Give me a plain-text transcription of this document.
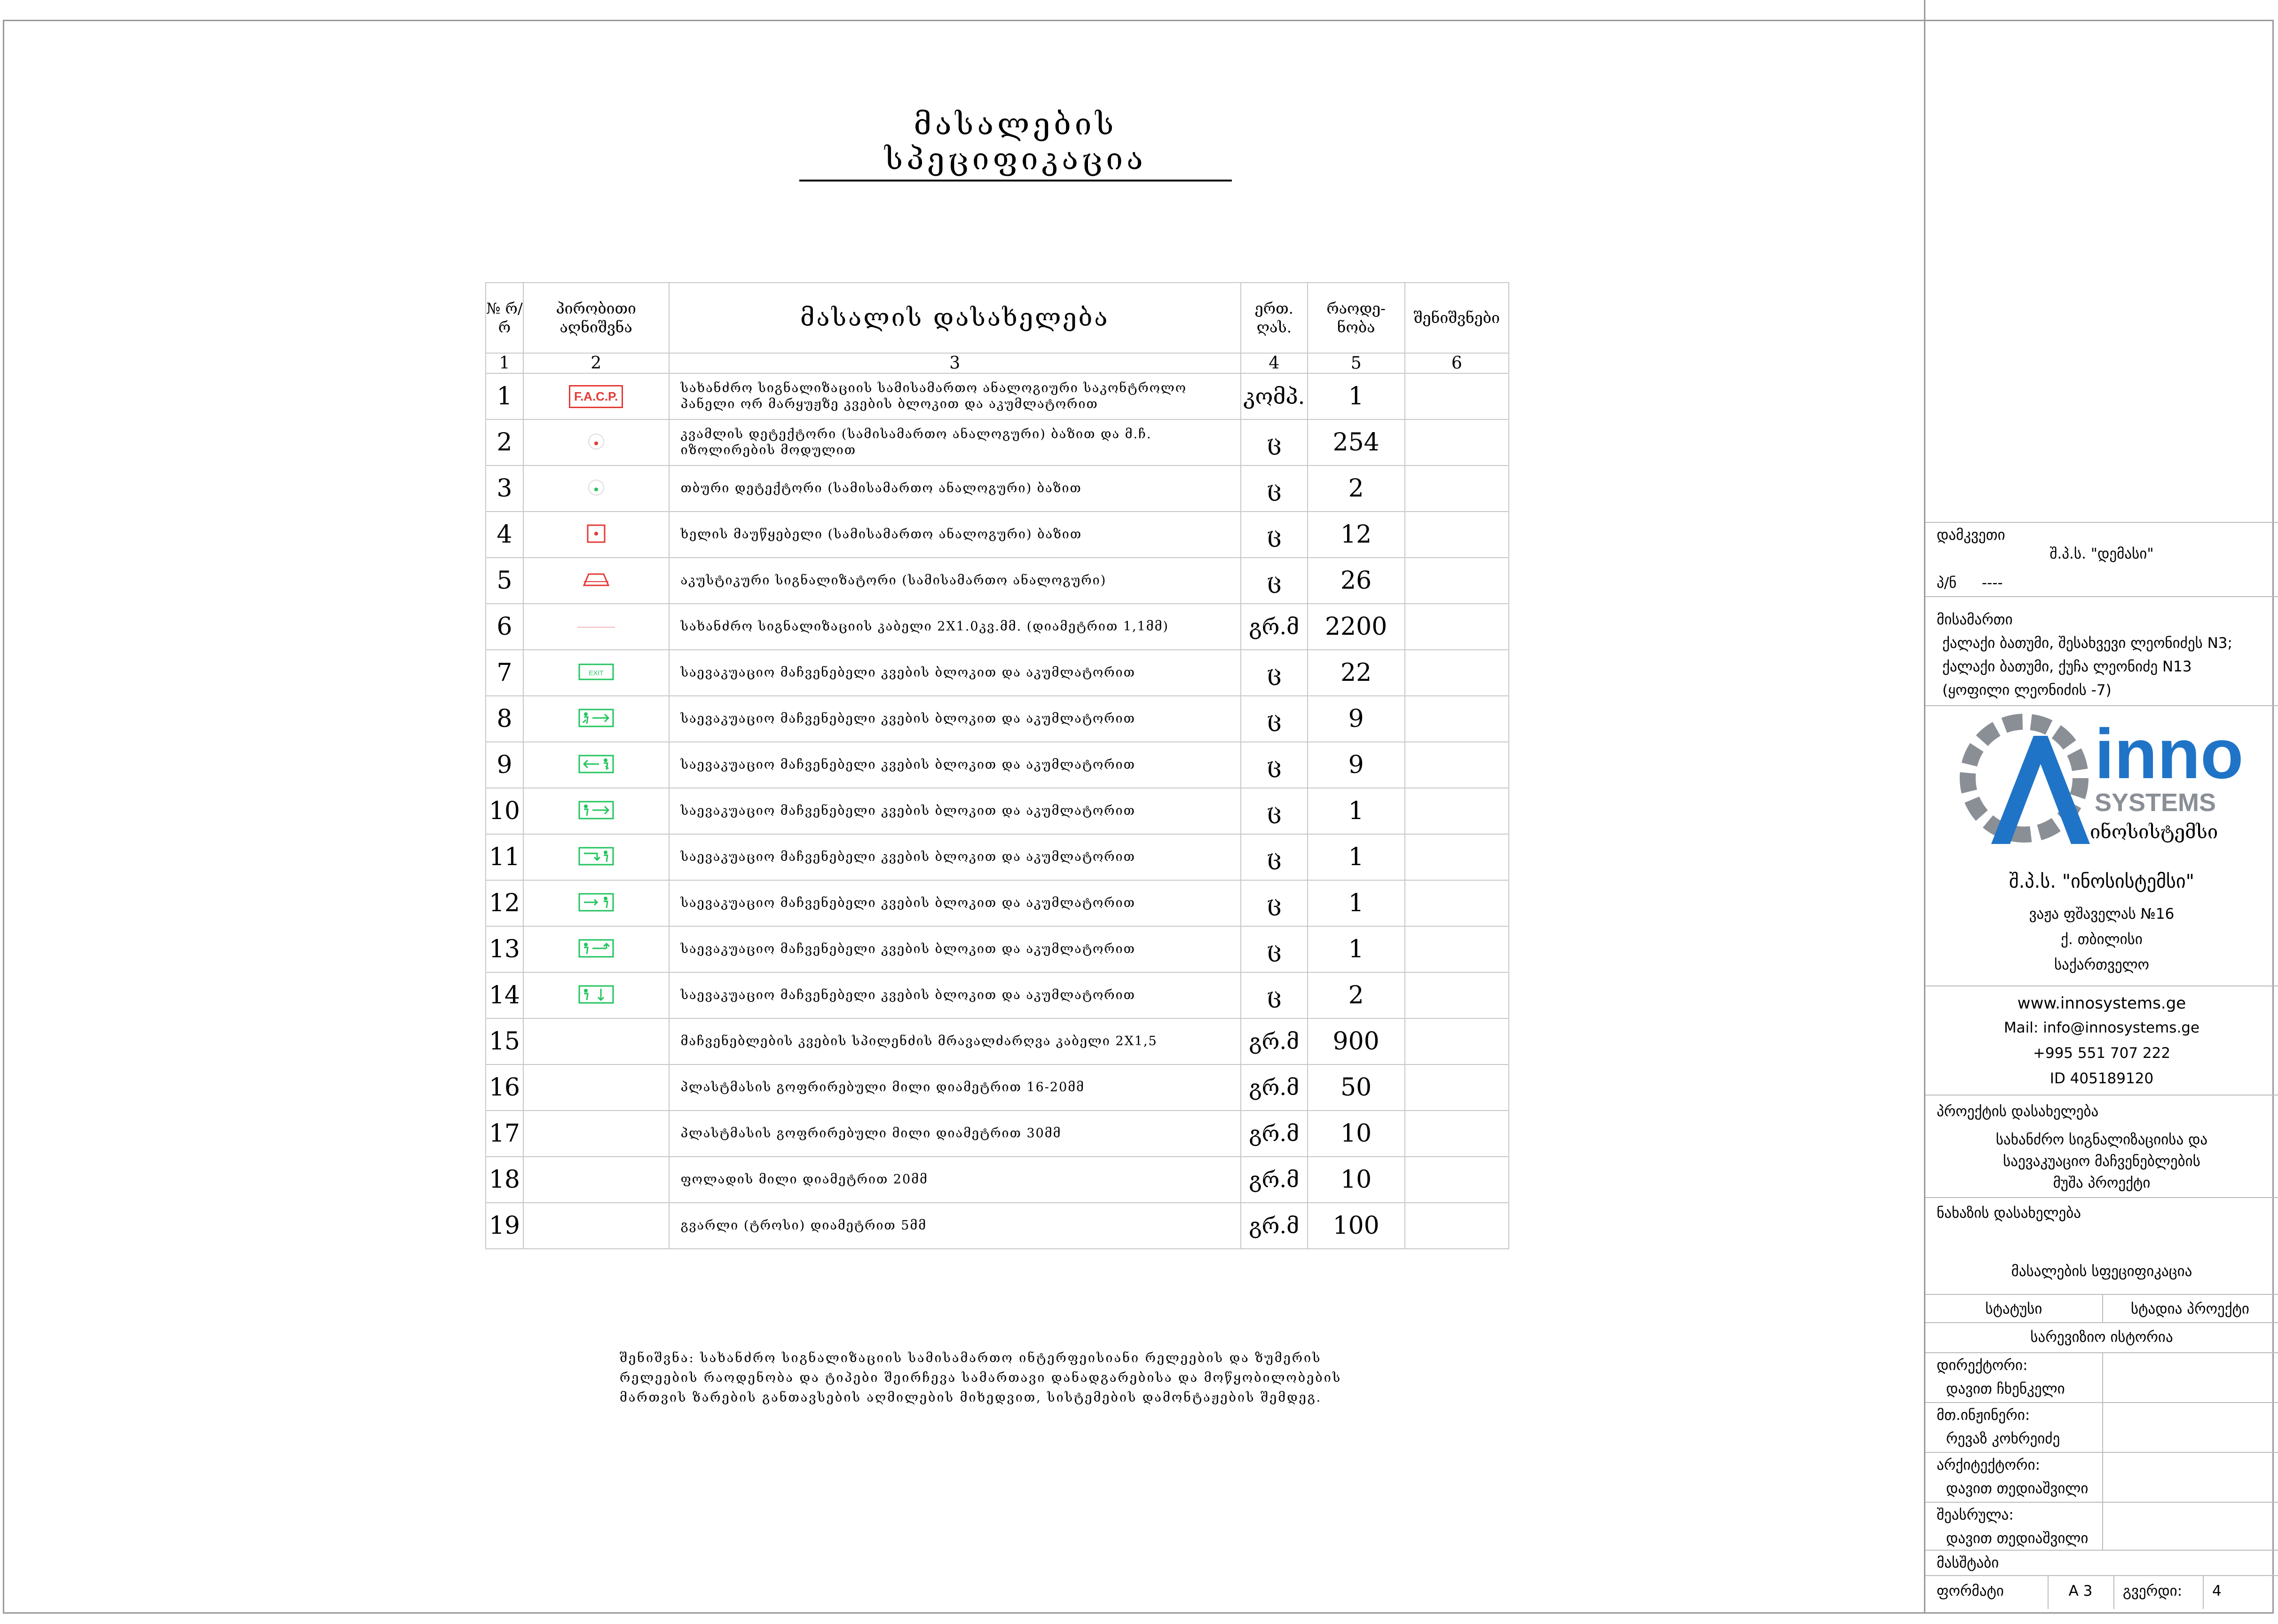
მასალების სპეციფიკაცია
№ რ/რ	პირობითი აღნიშვნა	მასალის დასახელება	ერთ. ღას.	რაოდე- ნობა	შენიშვნები
1	2	3	4	5	6
1	F.A.C.P.	სახანძრო სიგნალიზაციის სამისამართო ანალოგიური საკონტროლო პანელი ორ მარყუჟზე კვების ბლოკით და აკუმლატორით	კომპ.	1	
2		კვამლის დეტექტორი (სამისამართო ანალოგური) ბაზით და მ.ჩ. იზოლირების მოდულით	ც	254	
3		თბური დეტექტორი (სამისამართო ანალოგური) ბაზით	ც	2	
4		ხელის მაუწყებელი (სამისამართო ანალოგური) ბაზით	ც	12	
5		აკუსტიკური სიგნალიზატორი (სამისამართო ანალოგური)	ც	26	
6		სახანძრო სიგნალიზაციის კაბელი 2X1.0კვ.მმ. (დიამეტრით 1,1მმ)	გრ.მ	2200	
7	EXIT	საევაკუაციო მაჩვენებელი კვების ბლოკით და აკუმლატორით	ც	22	
8		საევაკუაციო მაჩვენებელი კვების ბლოკით და აკუმლატორით	ც	9	
9		საევაკუაციო მაჩვენებელი კვების ბლოკით და აკუმლატორით	ც	9	
10		საევაკუაციო მაჩვენებელი კვების ბლოკით და აკუმლატორით	ც	1	
11		საევაკუაციო მაჩვენებელი კვების ბლოკით და აკუმლატორით	ც	1	
12		საევაკუაციო მაჩვენებელი კვების ბლოკით და აკუმლატორით	ც	1	
13		საევაკუაციო მაჩვენებელი კვების ბლოკით და აკუმლატორით	ც	1	
14		საევაკუაციო მაჩვენებელი კვების ბლოკით და აკუმლატორით	ც	2	
15		მაჩვენებლების კვების სპილენძის მრავალძარღვა კაბელი 2X1,5	გრ.მ	900	
16		პლასტმასის გოფრირებული მილი დიამეტრით 16-20მმ	გრ.მ	50	
17		პლასტმასის გოფრირებული მილი დიამეტრით 30მმ	გრ.მ	10	
18		ფოლადის მილი დიამეტრით 20მმ	გრ.მ	10	
19		გვარლი (ტროსი) დიამეტრით 5მმ	გრ.მ	100	
შენიშვნა: სახანძრო სიგნალიზაციის სამისამართო ინტერფეისიანი რელეების და ზუმერის რელეების რაოდენობა და ტიპები შეირჩევა სამართავი დანადგარებისა და მოწყობილობების მართვის ზარების განთავსების აღმილების მიხედვით, სისტემების დამონტაჟების შემდეგ.
დამკვეთი
შ.პ.ს. "დემასი"
პ/ნ ----
მისამართი
ქალაქი ბათუმი, შესახვევი ლეონიძეს N3;
ქალაქი ბათუმი, ქუჩა ლეონიძე N13
(ყოფილი ლეონიძის -7)
inno
SYSTEMS
ინოსისტემსი
შ.პ.ს. "ინოსისტემსი"
ვაჟა ფშაველას №16
ქ. თბილისი
საქართველო
www.innosystems.ge
Mail: info@innosystems.ge
+995 551 707 222
ID 405189120
პროექტის დასახელება
სახანძრო სიგნალიზაციისა და
საევაკუაციო მაჩვენებლების
მუშა პროექტი
ნახაზის დასახელება
მასალების სფეციფიკაცია
სტატუსი	სტადია პროექტი
სარევიზიო ისტორია
დირექტორი:
დავით ჩხენკელი
მთ.ინჟინერი:
რევაზ კოხრეიძე
არქიტექტორი:
დავით თედიაშვილი
შეასრულა:
დავით თედიაშვილი
მასშტაბი
ფორმატი	A 3	გვერდი: 4
